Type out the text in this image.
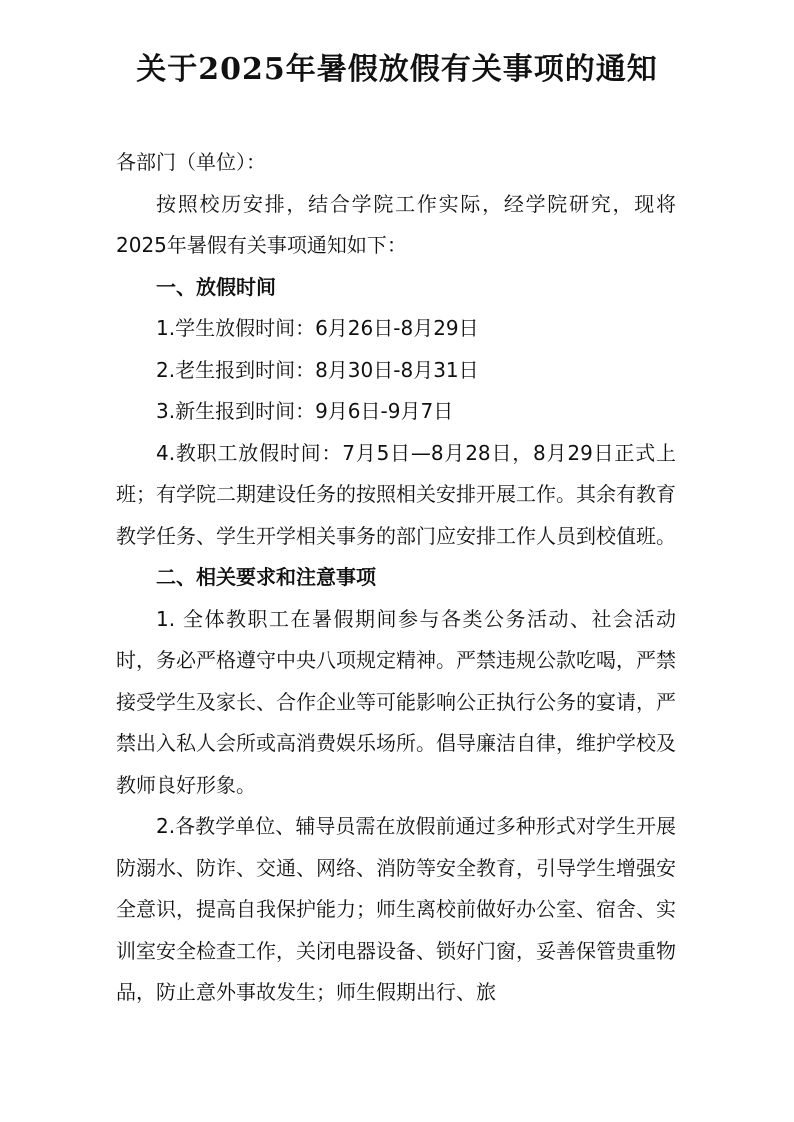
关于2025年暑假放假有关事项的通知

各部门（单位）：

按照校历安排，结合学院工作实际，经学院研究，现将2025年暑假有关事项通知如下：

一、放假时间

1.学生放假时间：6月26日-8月29日

2.老生报到时间：8月30日-8月31日

3.新生报到时间：9月6日-9月7日

4.教职工放假时间：7月5日—8月28日，8月29日正式上班；有学院二期建设任务的按照相关安排开展工作。其余有教育教学任务、学生开学相关事务的部门应安排工作人员到校值班。

二、相关要求和注意事项

1. 全体教职工在暑假期间参与各类公务活动、社会活动时，务必严格遵守中央八项规定精神。严禁违规公款吃喝，严禁接受学生及家长、合作企业等可能影响公正执行公务的宴请，严禁出入私人会所或高消费娱乐场所。倡导廉洁自律，维护学校及教师良好形象。

2.各教学单位、辅导员需在放假前通过多种形式对学生开展防溺水、防诈、交通、网络、消防等安全教育，引导学生增强安全意识，提高自我保护能力；师生离校前做好办公室、宿舍、实训室安全检查工作，关闭电器设备、锁好门窗，妥善保管贵重物品，防止意外事故发生；师生假期出行、旅
